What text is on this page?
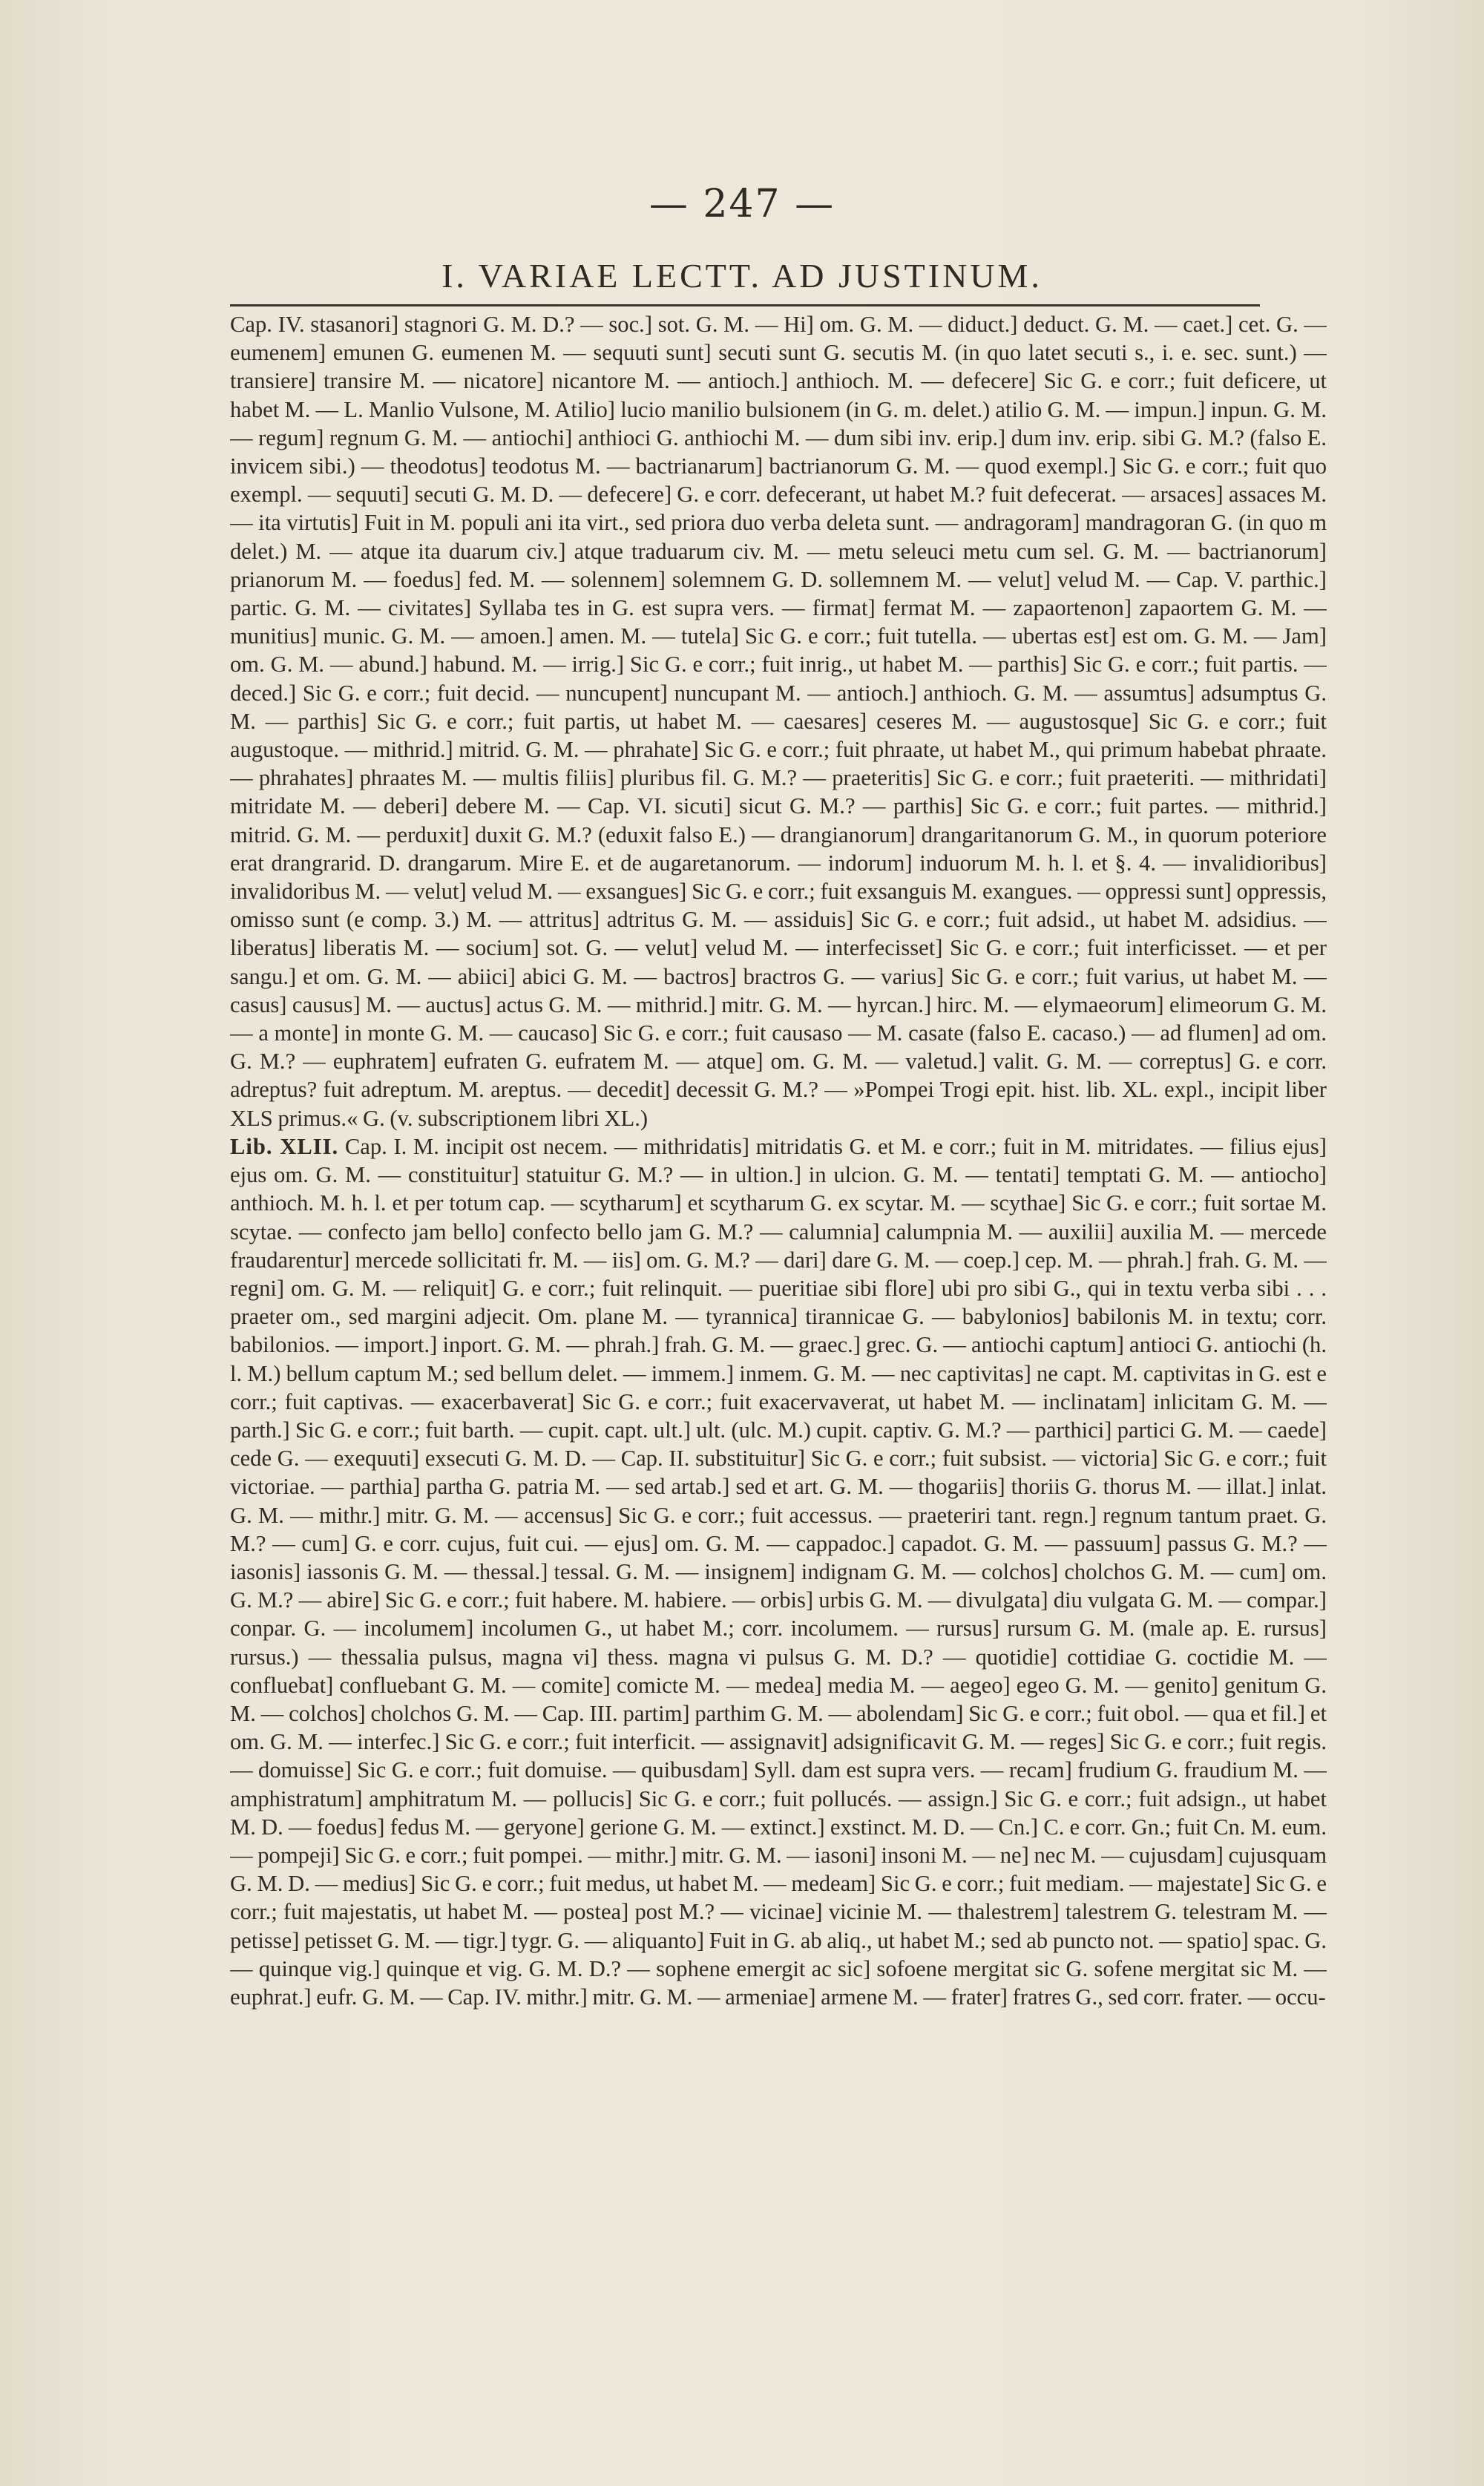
— 247 —
I. VARIAE LECTT. AD JUSTINUM.

Cap. IV. stasanori] stagnori G. M. D.? — soc.] sot. G. M. — Hi] om. G. M. — diduct.] deduct. G. M. — caet.] cet. G. — eumenem] emunen G. eumenen M. — sequuti sunt] secuti sunt G. secutis M. (in quo latet secuti s., i. e. sec. sunt.) — transiere] transire M. — nicatore] nicantore M. — antioch.] anthioch. M. — defecere] Sic G. e corr.; fuit deficere, ut habet M. — L. Manlio Vulsone, M. Atilio] lucio manilio bulsionem (in G. m. delet.) atilio G. M. — impun.] inpun. G. M. — regum] regnum G. M. — antiochi] anthioci G. anthiochi M. — dum sibi inv. erip.] dum inv. erip. sibi G. M.? (falso E. invicem sibi.) — theodotus] teodotus M. — bactrianarum] bactrianorum G. M. — quod exempl.] Sic G. e corr.; fuit quo exempl. — sequuti] secuti G. M. D. — defecere] G. e corr. defecerant, ut habet M.? fuit defecerat. — arsaces] assaces M. — ita virtutis] Fuit in M. populi ani ita virt., sed priora duo verba deleta sunt. — andragoram] mandragoran G. (in quo m delet.) M. — atque ita duarum civ.] atque traduarum civ. M. — metu seleuci metu cum sel. G. M. — bactrianorum] prianorum M. — foedus] fed. M. — solennem] solemnem G. D. sollemnem M. — velut] velud M. — Cap. V. parthic.] partic. G. M. — civitates] Syllaba tes in G. est supra vers. — firmat] fermat M. — zapaortenon] zapaortem G. M. — munitius] munic. G. M. — amoen.] amen. M. — tutela] Sic G. e corr.; fuit tutella. — ubertas est] est om. G. M. — Jam] om. G. M. — abund.] habund. M. — irrig.] Sic G. e corr.; fuit inrig., ut habet M. — parthis] Sic G. e corr.; fuit partis. — deced.] Sic G. e corr.; fuit decid. — nuncupent] nuncupant M. — antioch.] anthioch. G. M. — assumtus] adsumptus G. M. — parthis] Sic G. e corr.; fuit partis, ut habet M. — caesares] ceseres M. — augustosque] Sic G. e corr.; fuit augustoque. — mithrid.] mitrid. G. M. — phrahate] Sic G. e corr.; fuit phraate, ut habet M., qui primum habebat phraate. — phrahates] phraates M. — multis filiis] pluribus fil. G. M.? — praeteritis] Sic G. e corr.; fuit praeteriti. — mithridati] mitridate M. — deberi] debere M. — Cap. VI. sicuti] sicut G. M.? — parthis] Sic G. e corr.; fuit partes. — mithrid.] mitrid. G. M. — perduxit] duxit G. M.? (eduxit falso E.) — drangianorum] drangaritanorum G. M., in quorum poteriore erat drangrarid. D. drangarum. Mire E. et de augaretanorum. — indorum] induorum M. h. l. et §. 4. — invalidioribus] invalidoribus M. — velut] velud M. — exsangues] Sic G. e corr.; fuit exsanguis M. exangues. — oppressi sunt] oppressis, omisso sunt (e comp. 3.) M. — attritus] adtritus G. M. — assiduis] Sic G. e corr.; fuit adsid., ut habet M. adsidius. — liberatus] liberatis M. — socium] sot. G. — velut] velud M. — interfecisset] Sic G. e corr.; fuit interficisset. — et per sangu.] et om. G. M. — abiici] abici G. M. — bactros] bractros G. — varius] Sic G. e corr.; fuit varius, ut habet M. — casus] causus] M. — auctus] actus G. M. — mithrid.] mitr. G. M. — hyrcan.] hirc. M. — elymaeorum] elimeorum G. M. — a monte] in monte G. M. — caucaso] Sic G. e corr.; fuit causaso — M. casate (falso E. cacaso.) — ad flumen] ad om. G. M.? — euphratem] eufraten G. eufratem M. — atque] om. G. M. — valetud.] valit. G. M. — correptus] G. e corr. adreptus? fuit adreptum. M. areptus. — decedit] decessit G. M.? — »Pompei Trogi epit. hist. lib. XL. expl., incipit liber XLS primus.« G. (v. subscriptionem libri XL.)

Lib. XLII. Cap. I. M. incipit ost necem. — mithridatis] mitridatis G. et M. e corr.; fuit in M. mitridates. — filius ejus] ejus om. G. M. — constituitur] statuitur G. M.? — in ultion.] in ulcion. G. M. — tentati] temptati G. M. — antiocho] anthioch. M. h. l. et per totum cap. — scytharum] et scytharum G. ex scytar. M. — scythae] Sic G. e corr.; fuit sortae M. scytae. — confecto jam bello] confecto bello jam G. M.? — calumnia] calumpnia M. — auxilii] auxilia M. — mercede fraudarentur] mercede sollicitati fr. M. — iis] om. G. M.? — dari] dare G. M. — coep.] cep. M. — phrah.] frah. G. M. — regni] om. G. M. — reliquit] G. e corr.; fuit relinquit. — pueritiae sibi flore] ubi pro sibi G., qui in textu verba sibi . . . praeter om., sed margini adjecit. Om. plane M. — tyrannica] tirannicae G. — babylonios] babilonis M. in textu; corr. babilonios. — import.] inport. G. M. — phrah.] frah. G. M. — graec.] grec. G. — antiochi captum] antioci G. antiochi (h. l. M.) bellum captum M.; sed bellum delet. — immem.] inmem. G. M. — nec captivitas] ne capt. M. captivitas in G. est e corr.; fuit captivas. — exacerbaverat] Sic G. e corr.; fuit exacervaverat, ut habet M. — inclinatam] inlicitam G. M. — parth.] Sic G. e corr.; fuit barth. — cupit. capt. ult.] ult. (ulc. M.) cupit. captiv. G. M.? — parthici] partici G. M. — caede] cede G. — exequuti] exsecuti G. M. D. — Cap. II. substituitur] Sic G. e corr.; fuit subsist. — victoria] Sic G. e corr.; fuit victoriae. — parthia] partha G. patria M. — sed artab.] sed et art. G. M. — thogariis] thoriis G. thorus M. — illat.] inlat. G. M. — mithr.] mitr. G. M. — accensus] Sic G. e corr.; fuit accessus. — praeteriri tant. regn.] regnum tantum praet. G. M.? — cum] G. e corr. cujus, fuit cui. — ejus] om. G. M. — cappadoc.] capadot. G. M. — passuum] passus G. M.? — iasonis] iassonis G. M. — thessal.] tessal. G. M. — insignem] indignam G. M. — colchos] cholchos G. M. — cum] om. G. M.? — abire] Sic G. e corr.; fuit habere. M. habiere. — orbis] urbis G. M. — divulgata] diu vulgata G. M. — compar.] conpar. G. — incolumem] incolumen G., ut habet M.; corr. incolumem. — rursus] rursum G. M. (male ap. E. rursus] rursus.) — thessalia pulsus, magna vi] thess. magna vi pulsus G. M. D.? — quotidie] cottidiae G. coctidie M. — confluebat] confluebant G. M. — comite] comicte M. — medea] media M. — aegeo] egeo G. M. — genito] genitum G. M. — colchos] cholchos G. M. — Cap. III. partim] parthim G. M. — abolendam] Sic G. e corr.; fuit obol. — qua et fil.] et om. G. M. — interfec.] Sic G. e corr.; fuit interficit. — assignavit] adsignificavit G. M. — reges] Sic G. e corr.; fuit regis. — domuisse] Sic G. e corr.; fuit domuise. — quibusdam] Syll. dam est supra vers. — recam] frudium G. fraudium M. — amphistratum] amphitratum M. — pollucis] Sic G. e corr.; fuit pollucés. — assign.] Sic G. e corr.; fuit adsign., ut habet M. D. — foedus] fedus M. — geryone] gerione G. M. — extinct.] exstinct. M. D. — Cn.] C. e corr. Gn.; fuit Cn. M. eum. — pompeji] Sic G. e corr.; fuit pompei. — mithr.] mitr. G. M. — iasoni] insoni M. — ne] nec M. — cujusdam] cujusquam G. M. D. — medius] Sic G. e corr.; fuit medus, ut habet M. — medeam] Sic G. e corr.; fuit mediam. — majestate] Sic G. e corr.; fuit majestatis, ut habet M. — postea] post M.? — vicinae] vicinie M. — thalestrem] talestrem G. telestram M. — petisse] petisset G. M. — tigr.] tygr. G. — aliquanto] Fuit in G. ab aliq., ut habet M.; sed ab puncto not. — spatio] spac. G. — quinque vig.] quinque et vig. G. M. D.? — sophene emergit ac sic] sofoene mergitat sic G. sofene mergitat sic M. — euphrat.] eufr. G. M. — Cap. IV. mithr.] mitr. G. M. — armeniae] armene M. — frater] fratres G., sed corr. frater. — occu-
